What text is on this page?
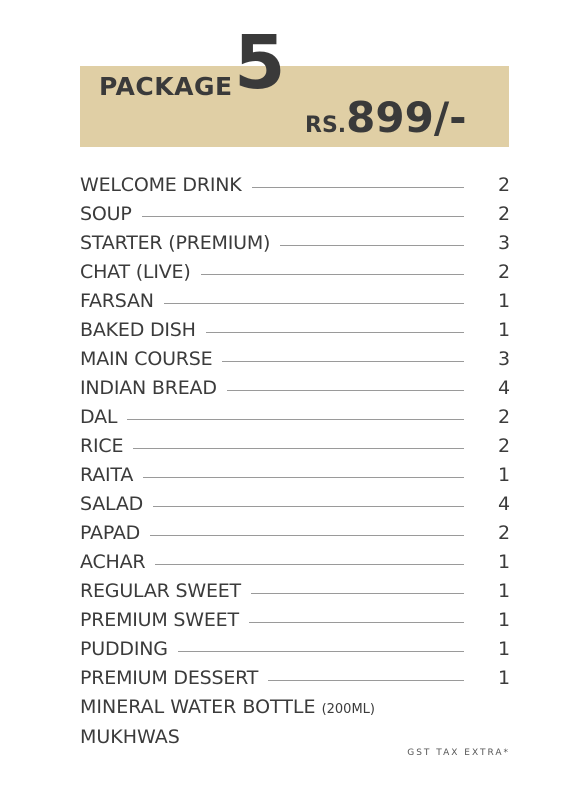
PACKAGE 5
RS.899/-
WELCOME DRINK	2
SOUP	2
STARTER (PREMIUM)	3
CHAT (LIVE)	2
FARSAN	1
BAKED DISH	1
MAIN COURSE	3
INDIAN BREAD	4
DAL	2
RICE	2
RAITA	1
SALAD	4
PAPAD	2
ACHAR	1
REGULAR SWEET	1
PREMIUM SWEET	1
PUDDING	1
PREMIUM DESSERT	1
MINERAL WATER BOTTLE (200ML)
MUKHWAS
GST TAX EXTRA*
